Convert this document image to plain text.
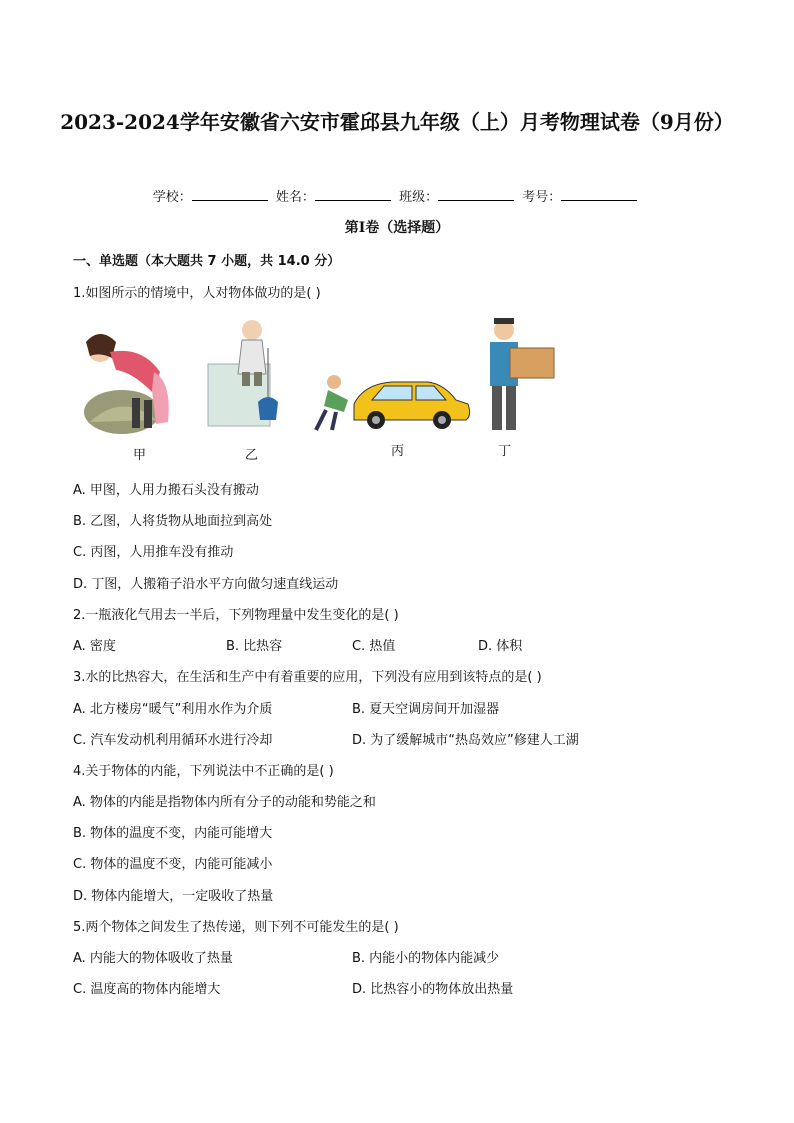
2023-2024学年安徽省六安市霍邱县九年级（上）月考物理试卷（9月份）
学校：	姓名：	班级：	考号：
第I卷（选择题）
一、单选题（本大题共 7 小题，共 14.0 分）
1.如图所示的情境中，人对物体做功的是( )
甲	乙	丙	丁
A. 甲图，人用力搬石头没有搬动
B. 乙图，人将货物从地面拉到高处
C. 丙图，人用推车没有推动
D. 丁图，人搬箱子沿水平方向做匀速直线运动
2.一瓶液化气用去一半后，下列物理量中发生变化的是( )
A. 密度	B. 比热容	C. 热值	D. 体积
3.水的比热容大，在生活和生产中有着重要的应用，下列没有应用到该特点的是( )
A. 北方楼房“暖气”利用水作为介质	B. 夏天空调房间开加湿器
C. 汽车发动机利用循环水进行冷却	D. 为了缓解城市“热岛效应”修建人工湖
4.关于物体的内能，下列说法中不正确的是( )
A. 物体的内能是指物体内所有分子的动能和势能之和
B. 物体的温度不变，内能可能增大
C. 物体的温度不变，内能可能减小
D. 物体内能增大，一定吸收了热量
5.两个物体之间发生了热传递，则下列不可能发生的是( )
A. 内能大的物体吸收了热量	B. 内能小的物体内能减少
C. 温度高的物体内能增大	D. 比热容小的物体放出热量
